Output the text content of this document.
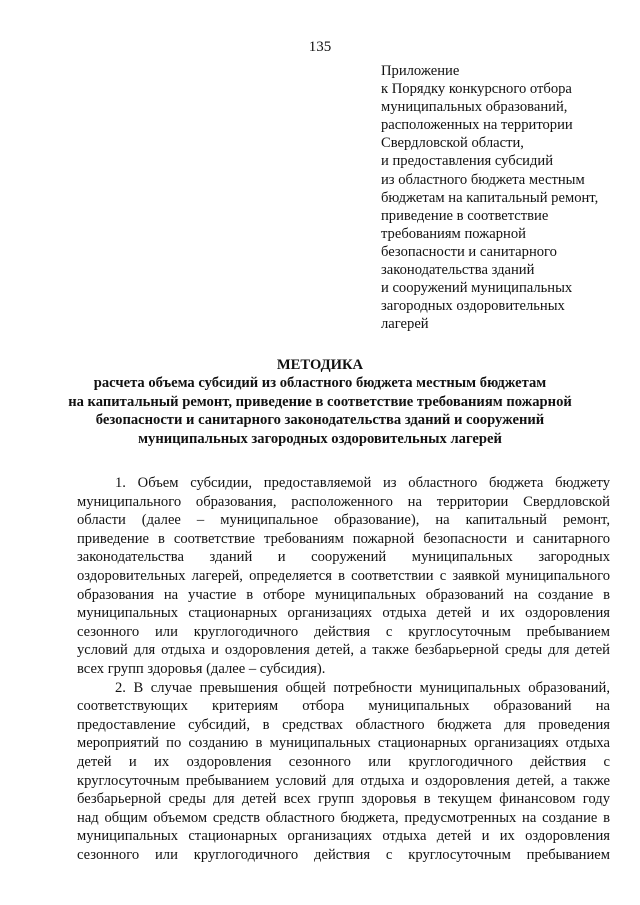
135
Приложение
к Порядку конкурсного отбора
муниципальных образований,
расположенных на территории
Свердловской области,
и предоставления субсидий
из областного бюджета местным
бюджетам на капитальный ремонт,
приведение в соответствие
требованиям пожарной
безопасности и санитарного
законодательства зданий
и сооружений муниципальных
загородных оздоровительных
лагерей
МЕТОДИКА
расчета объема субсидий из областного бюджета местным бюджетам
на капитальный ремонт, приведение в соответствие требованиям пожарной
безопасности и санитарного законодательства зданий и сооружений
муниципальных загородных оздоровительных лагерей
1. Объем субсидии, предоставляемой из областного бюджета бюджету
муниципального образования, расположенного на территории Свердловской
области (далее – муниципальное образование), на капитальный ремонт,
приведение в соответствие требованиям пожарной безопасности и санитарного
законодательства зданий и сооружений муниципальных загородных
оздоровительных лагерей, определяется в соответствии с заявкой муниципального
образования на участие в отборе муниципальных образований на создание в
муниципальных стационарных организациях отдыха детей и их оздоровления
сезонного или круглогодичного действия с круглосуточным пребыванием
условий для отдыха и оздоровления детей, а также безбарьерной среды для детей
всех групп здоровья (далее – субсидия).
2. В случае превышения общей потребности муниципальных образований,
соответствующих критериям отбора муниципальных образований на
предоставление субсидий, в средствах областного бюджета для проведения
мероприятий по созданию в муниципальных стационарных организациях отдыха
детей и их оздоровления сезонного или круглогодичного действия с
круглосуточным пребыванием условий для отдыха и оздоровления детей, а также
безбарьерной среды для детей всех групп здоровья в текущем финансовом году
над общим объемом средств областного бюджета, предусмотренных на создание в
муниципальных стационарных организациях отдыха детей и их оздоровления
сезонного или круглогодичного действия с круглосуточным пребыванием
